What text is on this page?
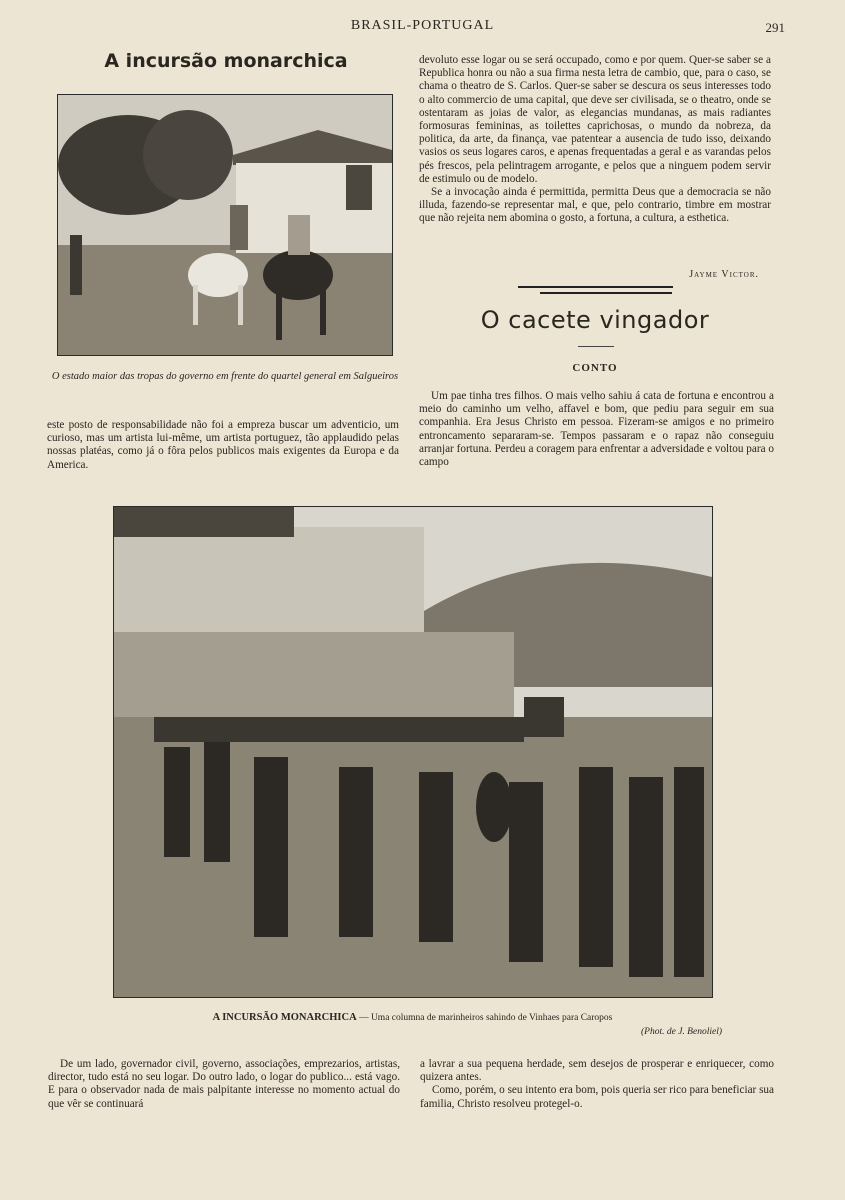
BRASIL-PORTUGAL	291
A incursão monarchica
O estado maior das tropas do governo em frente do quartel general em Salgueiros

este posto de responsabilidade não foi a empreza buscar um adventicio, um curioso, mas um artista lui-même, um artista portuguez, tão applaudido pelas nossas platéas, como já o fôra pelos publicos mais exigentes da Europa e da America.

devoluto esse logar ou se será occupado, como e por quem. Quer-se saber se a Republica honra ou não a sua firma nesta letra de cambio, que, para o caso, se chama o theatro de S. Carlos. Quer-se saber se descura os seus interesses todo o alto commercio de uma capital, que deve ser civilisada, se o theatro, onde se ostentaram as joias de valor, as elegancias mundanas, as mais radiantes formosuras femininas, as toilettes caprichosas, o mundo da nobreza, da politica, da arte, da finança, vae patentear a ausencia de tudo isso, deixando vasios os seus logares caros, e apenas frequentadas a geral e as varandas pelos pés frescos, pela pelintragem arrogante, e pelos que a ninguem podem servir de estimulo ou de modelo.

Se a invocação ainda é permittida, permitta Deus que a democracia se não illuda, fazendo-se representar mal, e que, pelo contrario, timbre em mostrar que não rejeita nem abomina o gosto, a fortuna, a cultura, a esthetica.

Jayme Victor.
O cacete vingador
CONTO

Um pae tinha tres filhos. O mais velho sahiu á cata de fortuna e encontrou a meio do caminho um velho, affavel e bom, que pediu para seguir em sua companhia. Era Jesus Christo em pessoa. Fizeram-se amigos e no primeiro entroncamento separaram-se. Tempos passaram e o rapaz não conseguiu arranjar fortuna. Perdeu a coragem para enfrentar a adversidade e voltou para o campo

A INCURSÃO MONARCHICA — Uma columna de marinheiros sahindo de Vinhaes para Caropos
(Phot. de J. Benoliel)

De um lado, governador civil, governo, associações, emprezarios, artistas, director, tudo está no seu logar. Do outro lado, o logar do publico... está vago. E para o observador nada de mais palpitante interesse no momento actual do que vêr se continuará

a lavrar a sua pequena herdade, sem desejos de prosperar e enriquecer, como quizera antes.

Como, porém, o seu intento era bom, pois queria ser rico para beneficiar sua familia, Christo resolveu protegel-o.
